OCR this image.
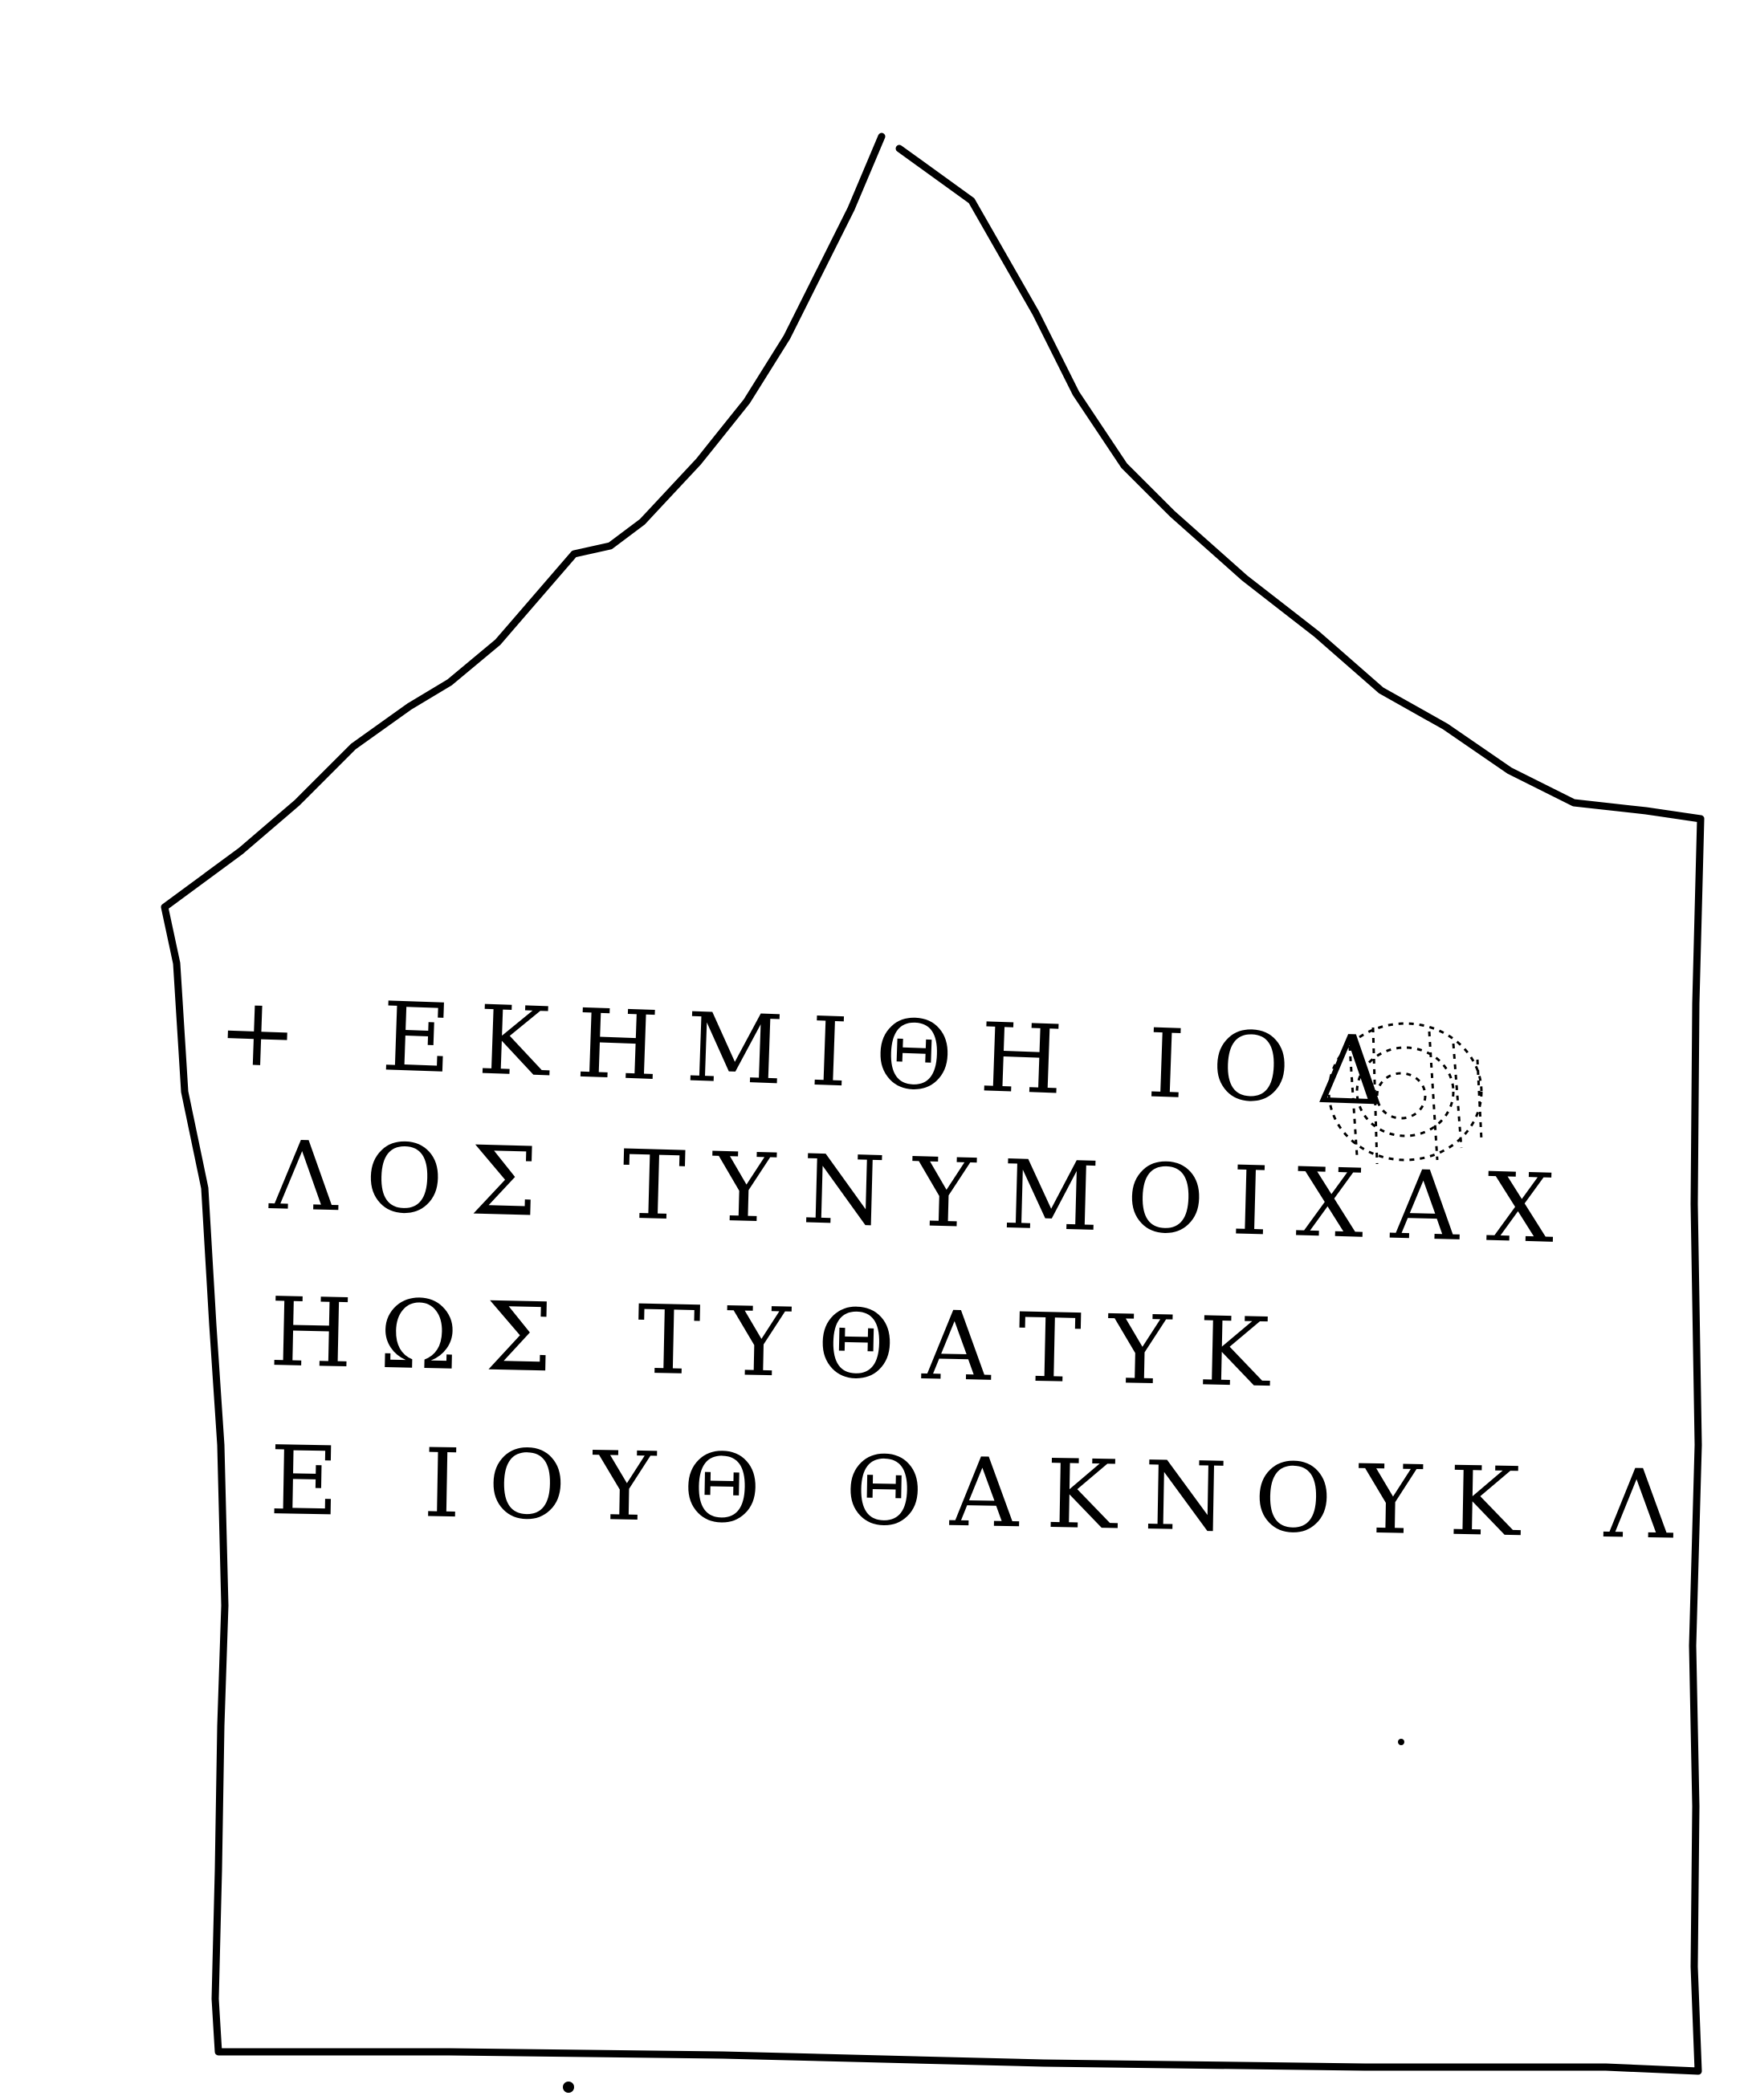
+ ΕΚΗΜΙΘΗ ΙΟΔ
ΛΟΣ ΤΥΝΥΜΟΙΧΑΧ
ΗΩΣ ΤΥΘΑΤΥΚ
Ε ΙΟΥΘ ΘΑΚΝΟΥΚ Λ
